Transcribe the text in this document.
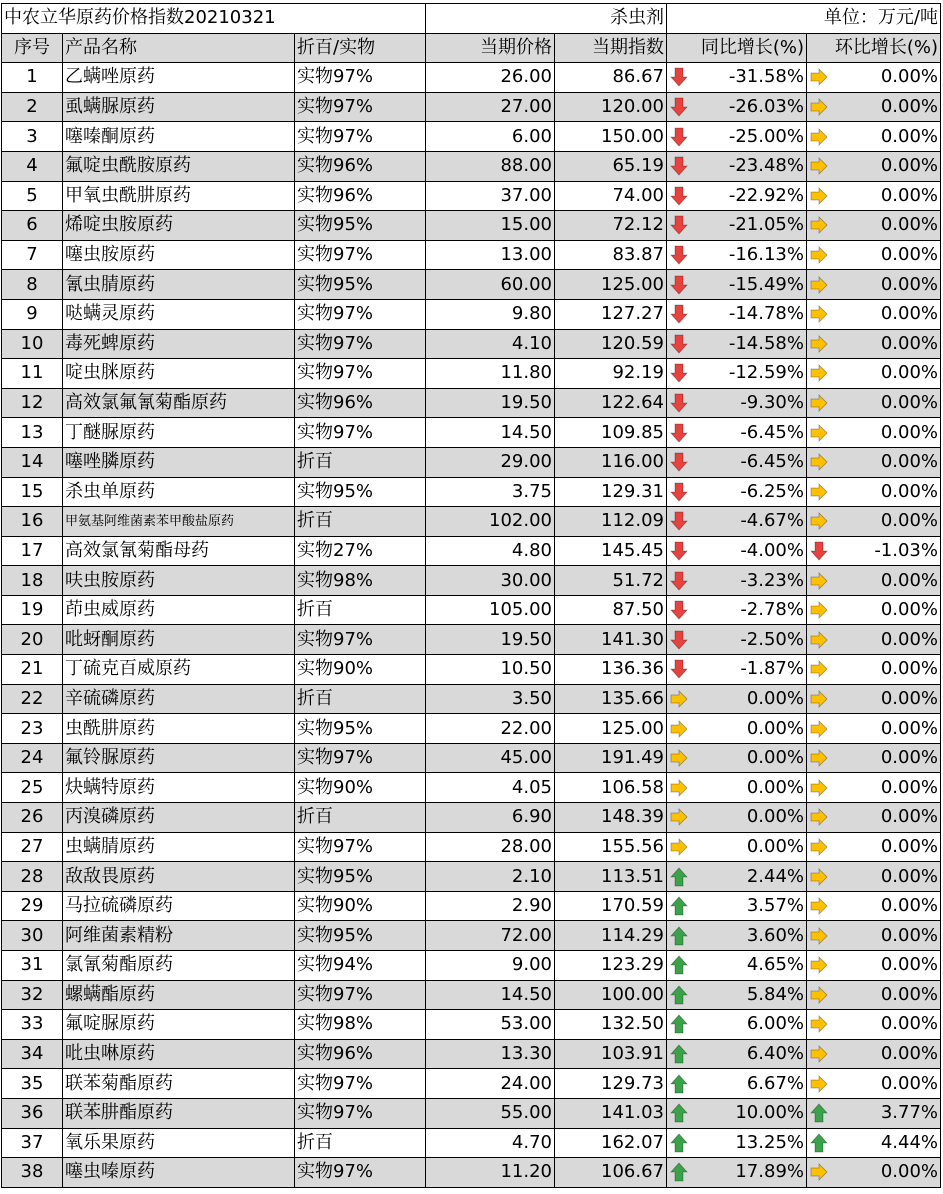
中农立华原药价格指数20210321			杀虫剂		单位：万元/吨	
序号	产品名称	折百/实物	当期价格	当期指数	同比增长(%)	环比增长(%)
1	乙螨唑原药	实物97%	26.00	86.67	-31.58%	0.00%
2	虱螨脲原药	实物97%	27.00	120.00	-26.03%	0.00%
3	噻嗪酮原药	实物97%	6.00	150.00	-25.00%	0.00%
4	氟啶虫酰胺原药	实物96%	88.00	65.19	-23.48%	0.00%
5	甲氧虫酰肼原药	实物96%	37.00	74.00	-22.92%	0.00%
6	烯啶虫胺原药	实物95%	15.00	72.12	-21.05%	0.00%
7	噻虫胺原药	实物97%	13.00	83.87	-16.13%	0.00%
8	氰虫腈原药	实物95%	60.00	125.00	-15.49%	0.00%
9	哒螨灵原药	实物97%	9.80	127.27	-14.78%	0.00%
10	毒死蜱原药	实物97%	4.10	120.59	-14.58%	0.00%
11	啶虫脒原药	实物97%	11.80	92.19	-12.59%	0.00%
12	高效氯氟氰菊酯原药	实物96%	19.50	122.64	-9.30%	0.00%
13	丁醚脲原药	实物97%	14.50	109.85	-6.45%	0.00%
14	噻唑膦原药	折百	29.00	116.00	-6.45%	0.00%
15	杀虫单原药	实物95%	3.75	129.31	-6.25%	0.00%
16	甲氨基阿维菌素苯甲酸盐原药	折百	102.00	112.09	-4.67%	0.00%
17	高效氯氰菊酯母药	实物27%	4.80	145.45	-4.00%	-1.03%
18	呋虫胺原药	实物98%	30.00	51.72	-3.23%	0.00%
19	茚虫威原药	折百	105.00	87.50	-2.78%	0.00%
20	吡蚜酮原药	实物97%	19.50	141.30	-2.50%	0.00%
21	丁硫克百威原药	实物90%	10.50	136.36	-1.87%	0.00%
22	辛硫磷原药	折百	3.50	135.66	0.00%	0.00%
23	虫酰肼原药	实物95%	22.00	125.00	0.00%	0.00%
24	氟铃脲原药	实物97%	45.00	191.49	0.00%	0.00%
25	炔螨特原药	实物90%	4.05	106.58	0.00%	0.00%
26	丙溴磷原药	折百	6.90	148.39	0.00%	0.00%
27	虫螨腈原药	实物97%	28.00	155.56	0.00%	0.00%
28	敌敌畏原药	实物95%	2.10	113.51	2.44%	0.00%
29	马拉硫磷原药	实物90%	2.90	170.59	3.57%	0.00%
30	阿维菌素精粉	实物95%	72.00	114.29	3.60%	0.00%
31	氯氰菊酯原药	实物94%	9.00	123.29	4.65%	0.00%
32	螺螨酯原药	实物97%	14.50	100.00	5.84%	0.00%
33	氟啶脲原药	实物98%	53.00	132.50	6.00%	0.00%
34	吡虫啉原药	实物96%	13.30	103.91	6.40%	0.00%
35	联苯菊酯原药	实物97%	24.00	129.73	6.67%	0.00%
36	联苯肼酯原药	实物97%	55.00	141.03	10.00%	3.77%
37	氧乐果原药	折百	4.70	162.07	13.25%	4.44%
38	噻虫嗪原药	实物97%	11.20	106.67	17.89%	0.00%
